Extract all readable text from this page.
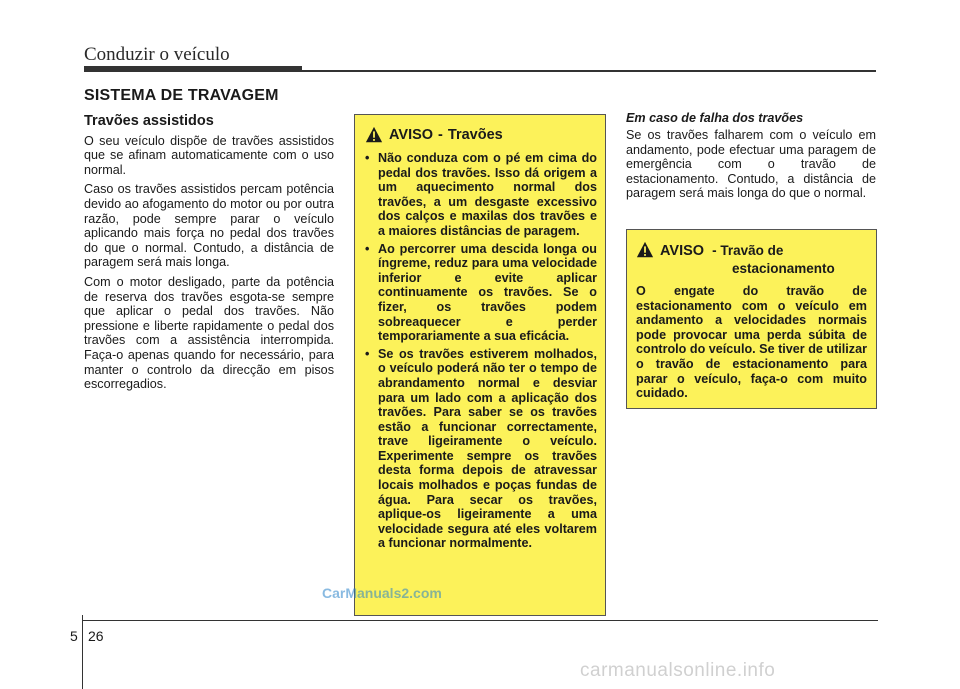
Conduzir o veículo
SISTEMA DE TRAVAGEM
Travões assistidos

O seu veículo dispõe de travões assistidos que se afinam automaticamente com o uso normal.

Caso os travões assistidos percam potência devido ao afogamento do motor ou por outra razão, pode sempre parar o veículo aplicando mais força no pedal dos travões do que o normal. Contudo, a distância de paragem será mais longa.

Com o motor desligado, parte da potência de reserva dos travões esgota-se sempre que aplicar o pedal dos travões. Não pressione e liberte rapidamente o pedal dos travões com a assistência interrompida. Faça-o apenas quando for necessário, para manter o controlo da direcção em pisos escorregadios.

AVISO - Travões
• Não conduza com o pé em cima do pedal dos travões. Isso dá origem a um aquecimento normal dos travões, a um desgaste excessivo dos calços e maxilas dos travões e a maiores distâncias de paragem.
• Ao percorrer uma descida longa ou íngreme, reduz para uma velocidade inferior e evite aplicar continuamente os travões. Se o fizer, os travões podem sobreaquecer e perder temporariamente a sua eficácia.
• Se os travões estiverem molhados, o veículo poderá não ter o tempo de abrandamento normal e desviar para um lado com a aplicação dos travões. Para saber se os travões estão a funcionar correctamente, trave ligeiramente o veículo. Experimente sempre os travões desta forma depois de atravessar locais molhados e poças fundas de água. Para secar os travões, aplique-os ligeiramente a uma velocidade segura até eles voltarem a funcionar normalmente.
Em caso de falha dos travões

Se os travões falharem com o veículo em andamento, pode efectuar uma paragem de emergência com o travão de estacionamento. Contudo, a distância de paragem será mais longa do que o normal.

AVISO - Travão de
estacionamento

O engate do travão de estacionamento com o veículo em andamento a velocidades normais pode provocar uma perda súbita de controlo do veículo. Se tiver de utilizar o travão de estacionamento para parar o veículo, faça-o com muito cuidado.

5 26
CarManuals2.com
carmanualsonline.info
